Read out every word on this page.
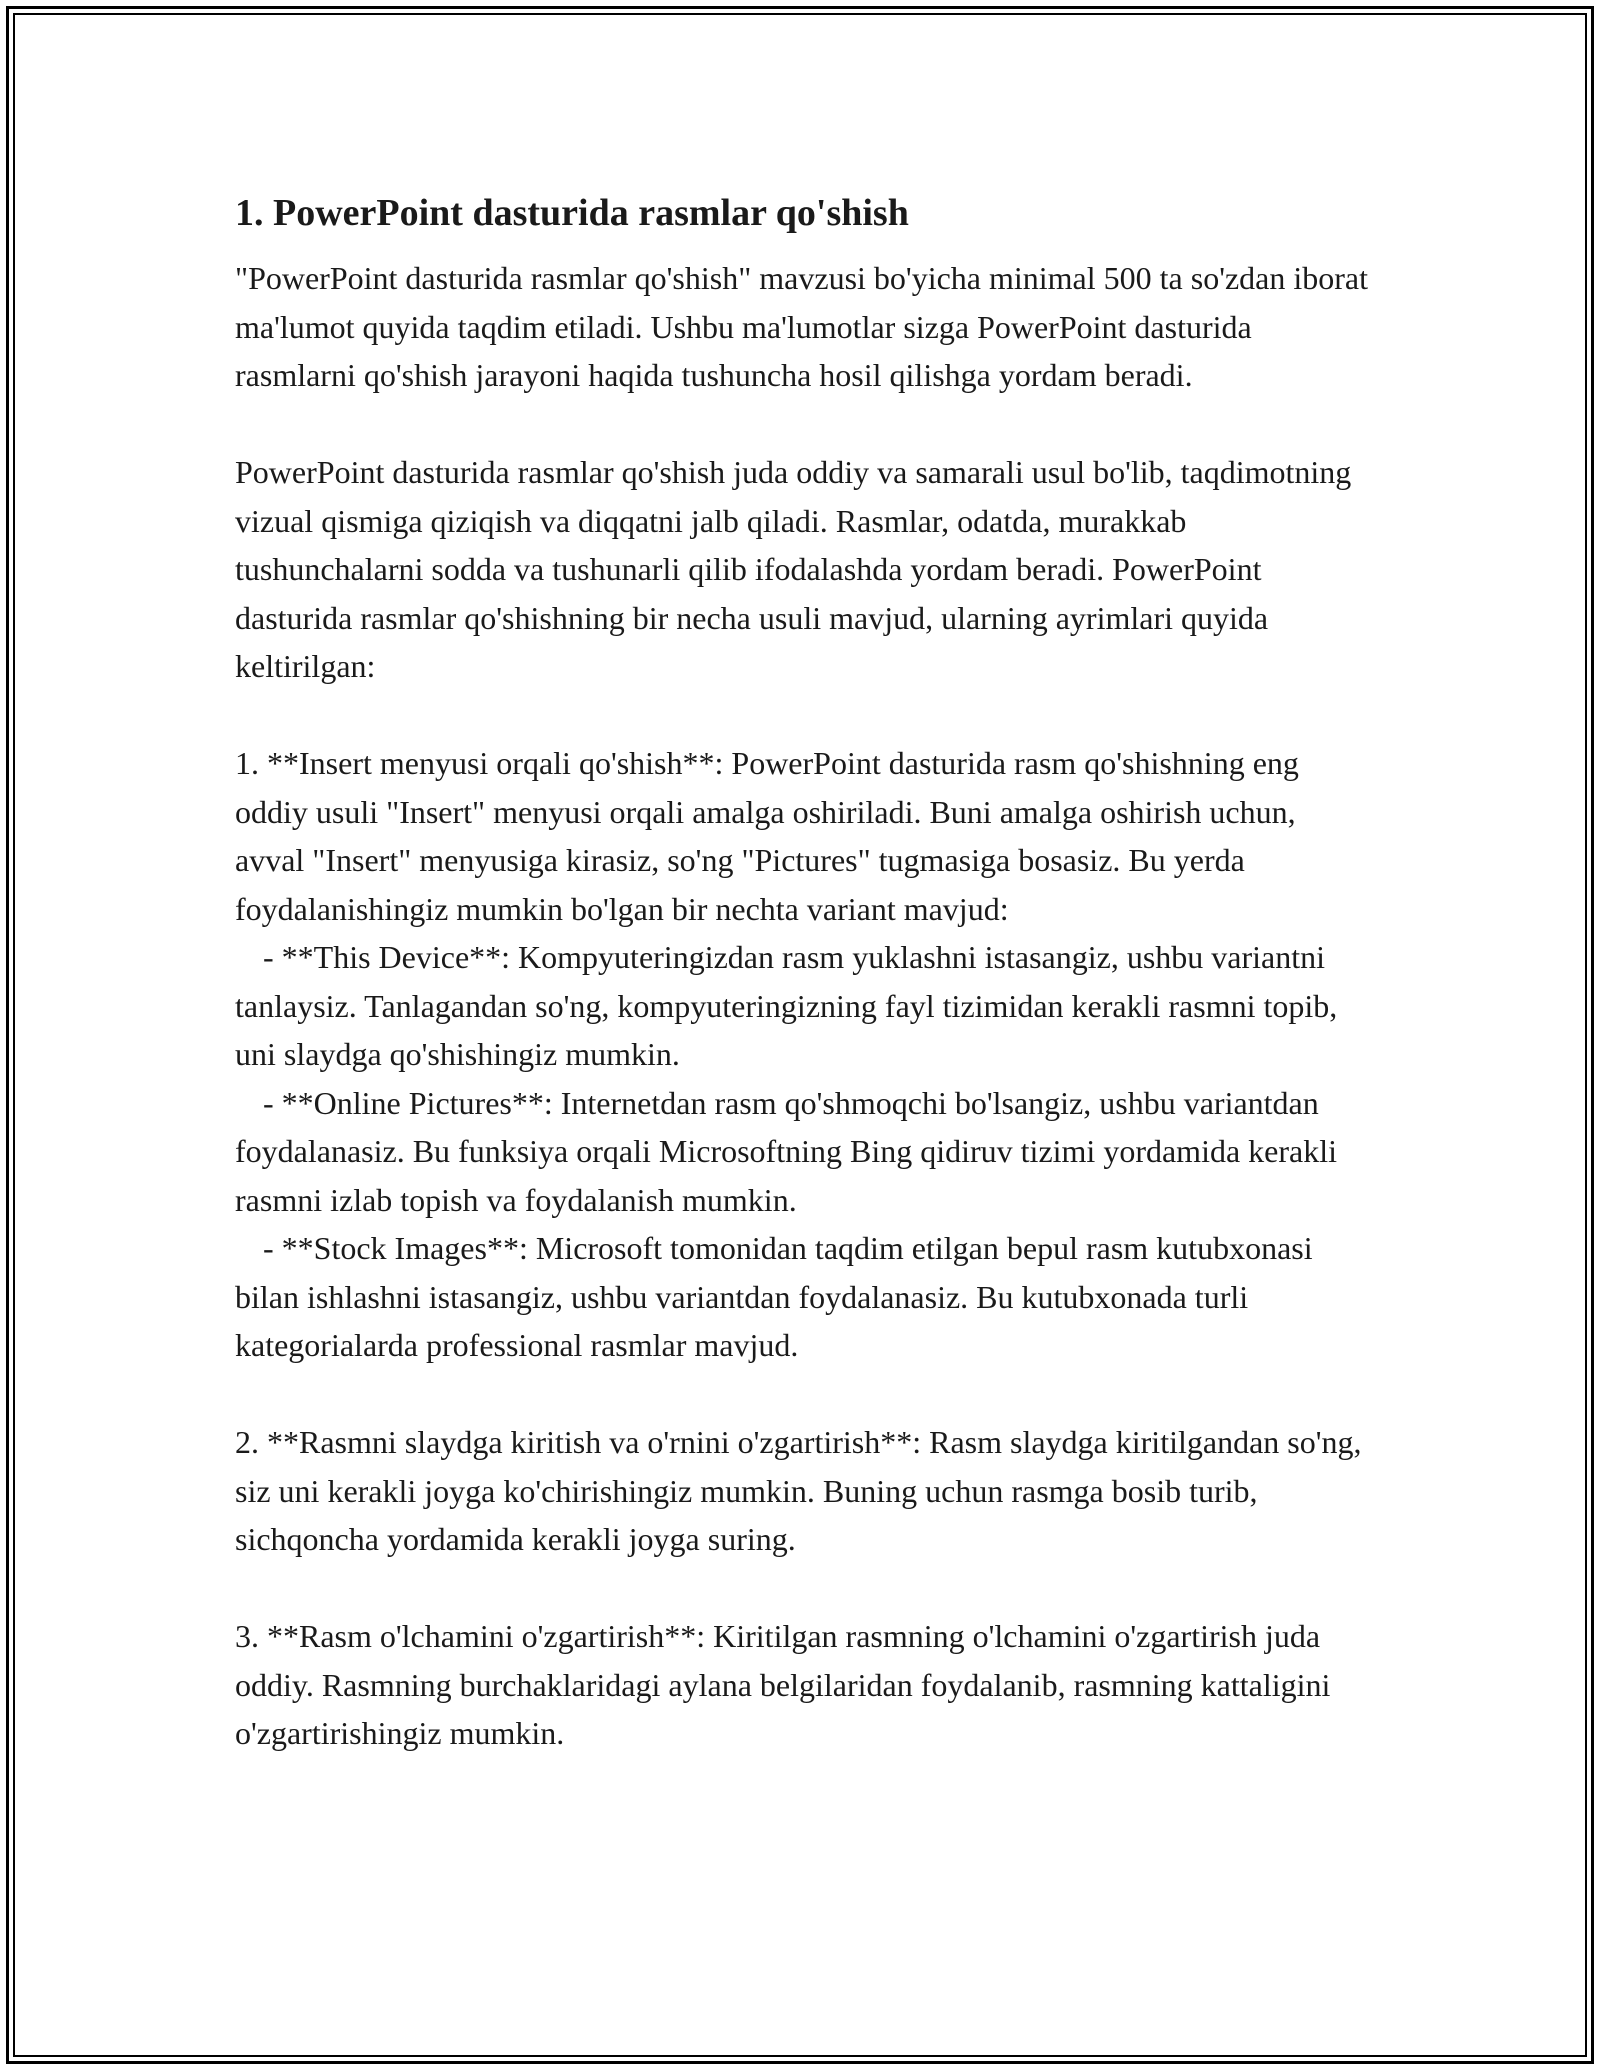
1. PowerPoint dasturida rasmlar qo'shish

"PowerPoint dasturida rasmlar qo'shish" mavzusi bo'yicha minimal 500 ta so'zdan iborat ma'lumot quyida taqdim etiladi. Ushbu ma'lumotlar sizga PowerPoint dasturida rasmlarni qo'shish jarayoni haqida tushuncha hosil qilishga yordam beradi.

PowerPoint dasturida rasmlar qo'shish juda oddiy va samarali usul bo'lib, taqdimotning vizual qismiga qiziqish va diqqatni jalb qiladi. Rasmlar, odatda, murakkab tushunchalarni sodda va tushunarli qilib ifodalashda yordam beradi. PowerPoint dasturida rasmlar qo'shishning bir necha usuli mavjud, ularning ayrimlari quyida keltirilgan:

1. **Insert menyusi orqali qo'shish**: PowerPoint dasturida rasm qo'shishning eng oddiy usuli "Insert" menyusi orqali amalga oshiriladi. Buni amalga oshirish uchun, avval "Insert" menyusiga kirasiz, so'ng "Pictures" tugmasiga bosasiz. Bu yerda foydalanishingiz mumkin bo'lgan bir nechta variant mavjud:

- **This Device**: Kompyuteringizdan rasm yuklashni istasangiz, ushbu variantni tanlaysiz. Tanlagandan so'ng, kompyuteringizning fayl tizimidan kerakli rasmni topib, uni slaydga qo'shishingiz mumkin.

- **Online Pictures**: Internetdan rasm qo'shmoqchi bo'lsangiz, ushbu variantdan foydalanasiz. Bu funksiya orqali Microsoftning Bing qidiruv tizimi yordamida kerakli rasmni izlab topish va foydalanish mumkin.

- **Stock Images**: Microsoft tomonidan taqdim etilgan bepul rasm kutubxonasi bilan ishlashni istasangiz, ushbu variantdan foydalanasiz. Bu kutubxonada turli kategorialarda professional rasmlar mavjud.

2. **Rasmni slaydga kiritish va o'rnini o'zgartirish**: Rasm slaydga kiritilgandan so'ng, siz uni kerakli joyga ko'chirishingiz mumkin. Buning uchun rasmga bosib turib, sichqoncha yordamida kerakli joyga suring.

3. **Rasm o'lchamini o'zgartirish**: Kiritilgan rasmning o'lchamini o'zgartirish juda oddiy. Rasmning burchaklaridagi aylana belgilaridan foydalanib, rasmning kattaligini o'zgartirishingiz mumkin.
